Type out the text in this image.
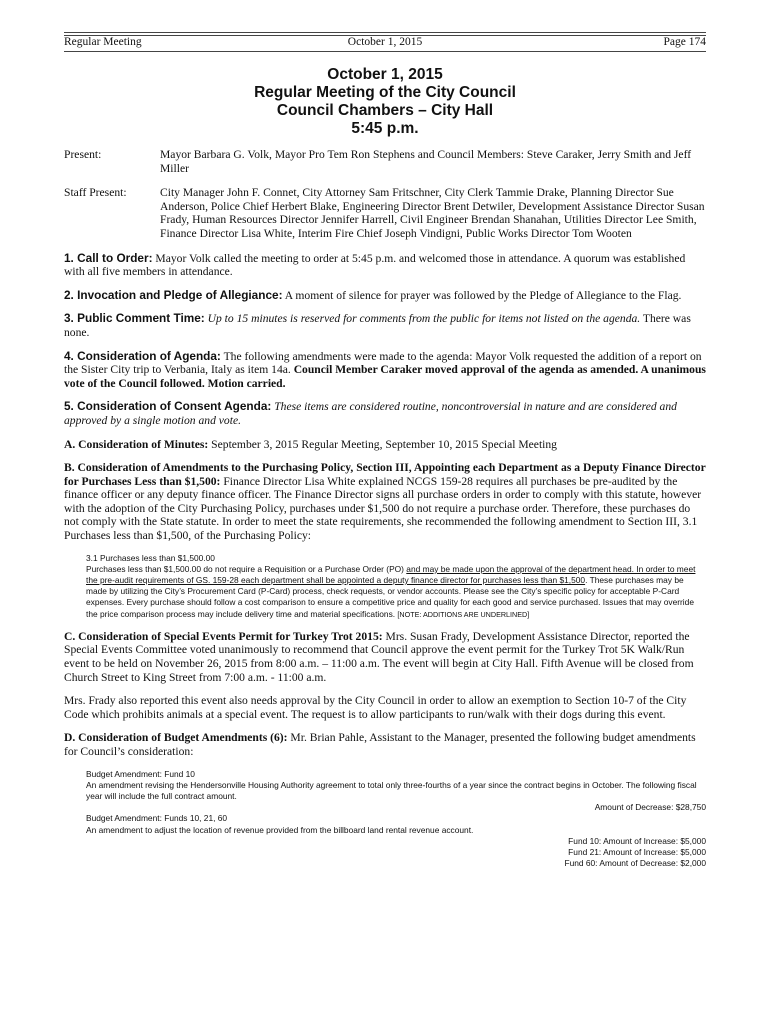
Regular Meeting	October 1, 2015	Page 174
October 1, 2015
Regular Meeting of the City Council
Council Chambers – City Hall
5:45 p.m.
Present:	Mayor Barbara G. Volk, Mayor Pro Tem Ron Stephens and Council Members: Steve Caraker, Jerry Smith and Jeff Miller
Staff Present:	City Manager John F. Connet, City Attorney Sam Fritschner, City Clerk Tammie Drake, Planning Director Sue Anderson, Police Chief Herbert Blake, Engineering Director Brent Detwiler, Development Assistance Director Susan Frady, Human Resources Director Jennifer Harrell, Civil Engineer Brendan Shanahan, Utilities Director Lee Smith, Finance Director Lisa White, Interim Fire Chief Joseph Vindigni, Public Works Director Tom Wooten

1. Call to Order: Mayor Volk called the meeting to order at 5:45 p.m. and welcomed those in attendance. A quorum was established with all five members in attendance.

2. Invocation and Pledge of Allegiance: A moment of silence for prayer was followed by the Pledge of Allegiance to the Flag.

3. Public Comment Time: Up to 15 minutes is reserved for comments from the public for items not listed on the agenda. There was none.

4. Consideration of Agenda: The following amendments were made to the agenda: Mayor Volk requested the addition of a report on the Sister City trip to Verbania, Italy as item 14a. Council Member Caraker moved approval of the agenda as amended. A unanimous vote of the Council followed. Motion carried.

5. Consideration of Consent Agenda: These items are considered routine, noncontroversial in nature and are considered and approved by a single motion and vote.

A. Consideration of Minutes: September 3, 2015 Regular Meeting, September 10, 2015 Special Meeting

B. Consideration of Amendments to the Purchasing Policy, Section III, Appointing each Department as a Deputy Finance Director for Purchases Less than $1,500: Finance Director Lisa White explained NCGS 159-28 requires all purchases be pre-audited by the finance officer or any deputy finance officer. The Finance Director signs all purchase orders in order to comply with this statute, however with the adoption of the City Purchasing Policy, purchases under $1,500 do not require a purchase order. Therefore, these purchases do not comply with the State statute. In order to meet the state requirements, she recommended the following amendment to Section III, 3.1 Purchases less than $1,500, of the Purchasing Policy:

3.1 Purchases less than $1,500.00
Purchases less than $1,500.00 do not require a Requisition or a Purchase Order (PO) and may be made upon the approval of the department head. In order to meet the pre-audit requirements of GS. 159-28 each department shall be appointed a deputy finance director for purchases less than $1,500. These purchases may be made by utilizing the City’s Procurement Card (P-Card) process, check requests, or vendor accounts. Please see the City’s specific policy for acceptable P-Card expenses. Every purchase should follow a cost comparison to ensure a competitive price and quality for each good and service purchased. Issues that may override the price comparison process may include delivery time and material specifications. [NOTE: ADDITIONS ARE UNDERLINED]

C. Consideration of Special Events Permit for Turkey Trot 2015: Mrs. Susan Frady, Development Assistance Director, reported the Special Events Committee voted unanimously to recommend that Council approve the event permit for the Turkey Trot 5K Walk/Run event to be held on November 26, 2015 from 8:00 a.m. – 11:00 a.m. The event will begin at City Hall. Fifth Avenue will be closed from Church Street to King Street from 7:00 a.m. - 11:00 a.m.

Mrs. Frady also reported this event also needs approval by the City Council in order to allow an exemption to Section 10-7 of the City Code which prohibits animals at a special event. The request is to allow participants to run/walk with their dogs during this event.

D. Consideration of Budget Amendments (6): Mr. Brian Pahle, Assistant to the Manager, presented the following budget amendments for Council’s consideration:

Budget Amendment: Fund 10
An amendment revising the Hendersonville Housing Authority agreement to total only three-fourths of a year since the contract begins in October. The following fiscal year will include the full contract amount.
Amount of Decrease: $28,750
Budget Amendment: Funds 10, 21, 60
An amendment to adjust the location of revenue provided from the billboard land rental revenue account.
Fund 10: Amount of Increase: $5,000
Fund 21: Amount of Increase: $5,000
Fund 60: Amount of Decrease: $2,000
